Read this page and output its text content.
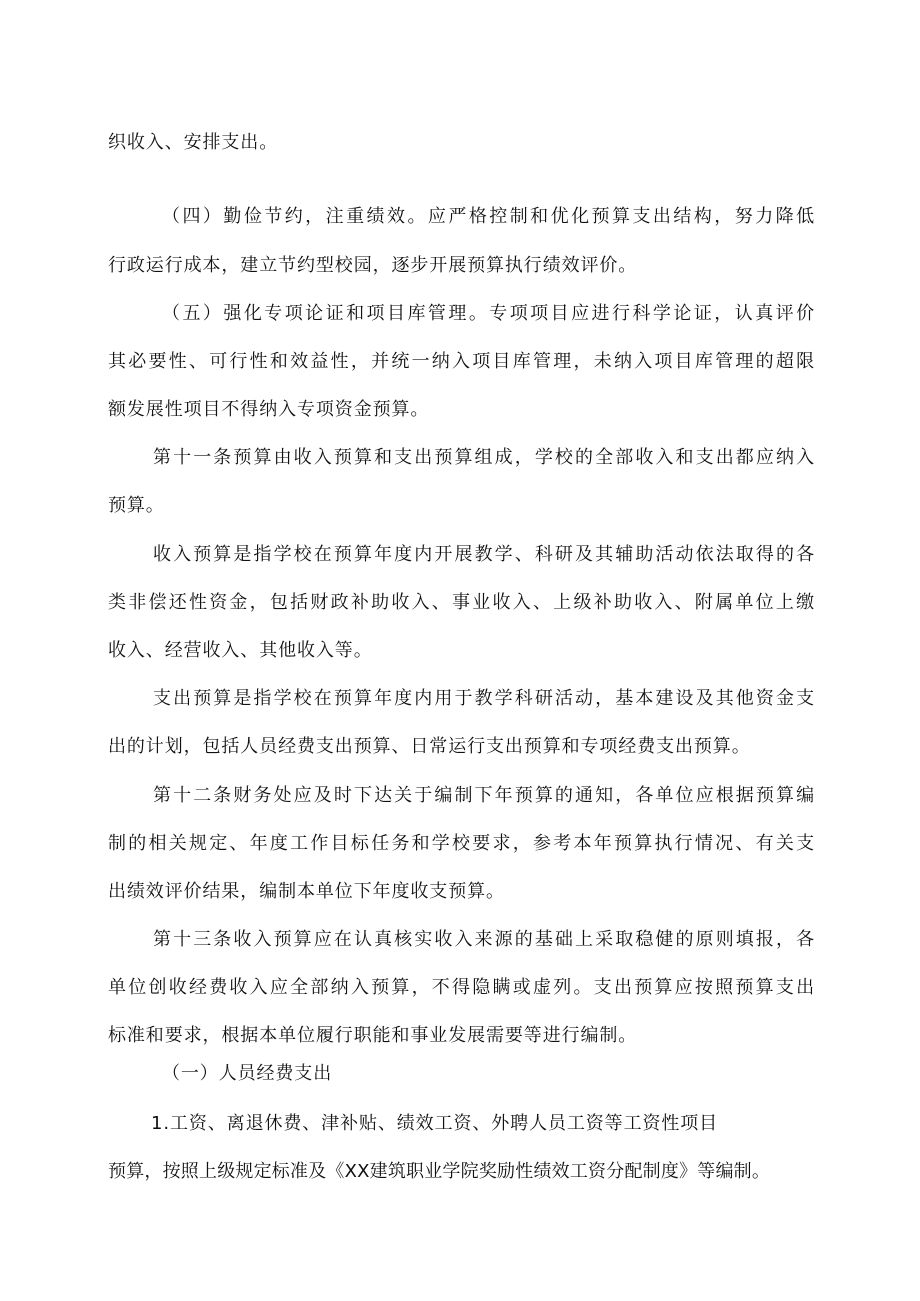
织收入、安排支出。
（四）勤俭节约，注重绩效。应严格控制和优化预算支出结构，努力降低
行政运行成本，建立节约型校园，逐步开展预算执行绩效评价。
（五）强化专项论证和项目库管理。专项项目应进行科学论证，认真评价
其必要性、可行性和效益性，并统一纳入项目库管理，未纳入项目库管理的超限
额发展性项目不得纳入专项资金预算。
第十一条预算由收入预算和支出预算组成，学校的全部收入和支出都应纳入
预算。
收入预算是指学校在预算年度内开展教学、科研及其辅助活动依法取得的各
类非偿还性资金，包括财政补助收入、事业收入、上级补助收入、附属单位上缴
收入、经营收入、其他收入等。
支出预算是指学校在预算年度内用于教学科研活动，基本建设及其他资金支
出的计划，包括人员经费支出预算、日常运行支出预算和专项经费支出预算。
第十二条财务处应及时下达关于编制下年预算的通知，各单位应根据预算编
制的相关规定、年度工作目标任务和学校要求，参考本年预算执行情况、有关支
出绩效评价结果，编制本单位下年度收支预算。
第十三条收入预算应在认真核实收入来源的基础上采取稳健的原则填报，各
单位创收经费收入应全部纳入预算，不得隐瞒或虚列。支出预算应按照预算支出
标准和要求，根据本单位履行职能和事业发展需要等进行编制。
（一）人员经费支出
1.工资、离退休费、津补贴、绩效工资、外聘人员工资等工资性项目
预算，按照上级规定标准及《XX建筑职业学院奖励性绩效工资分配制度》等编制。
